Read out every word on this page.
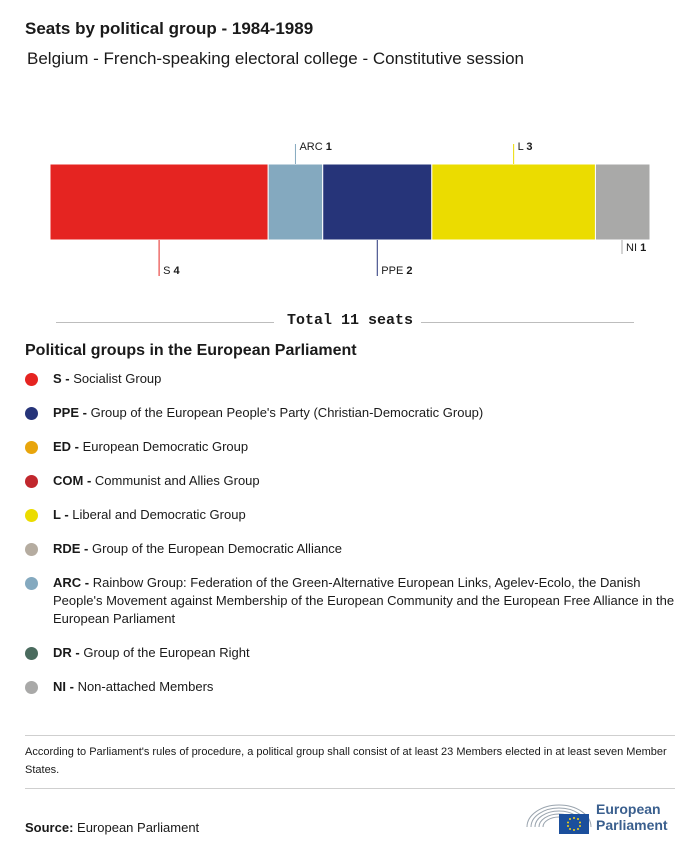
Seats by political group - 1984-1989
Belgium - French-speaking electoral college - Constitutive session
S 4
ARC 1
PPE 2
L 3
NI 1
Total 11 seats
Political groups in the European Parliament
S - Socialist Group
PPE - Group of the European People's Party (Christian-Democratic Group)
ED - European Democratic Group
COM - Communist and Allies Group
L - Liberal and Democratic Group
RDE - Group of the European Democratic Alliance
ARC - Rainbow Group: Federation of the Green-Alternative European Links, Agelev-Ecolo, the Danish People's Movement against Membership of the European Community and the European Free Alliance in the European Parliament
DR - Group of the European Right
NI - Non-attached Members
According to Parliament's rules of procedure, a political group shall consist of at least 23 Members elected in at least seven Member States.
Source: European Parliament
European
Parliament
